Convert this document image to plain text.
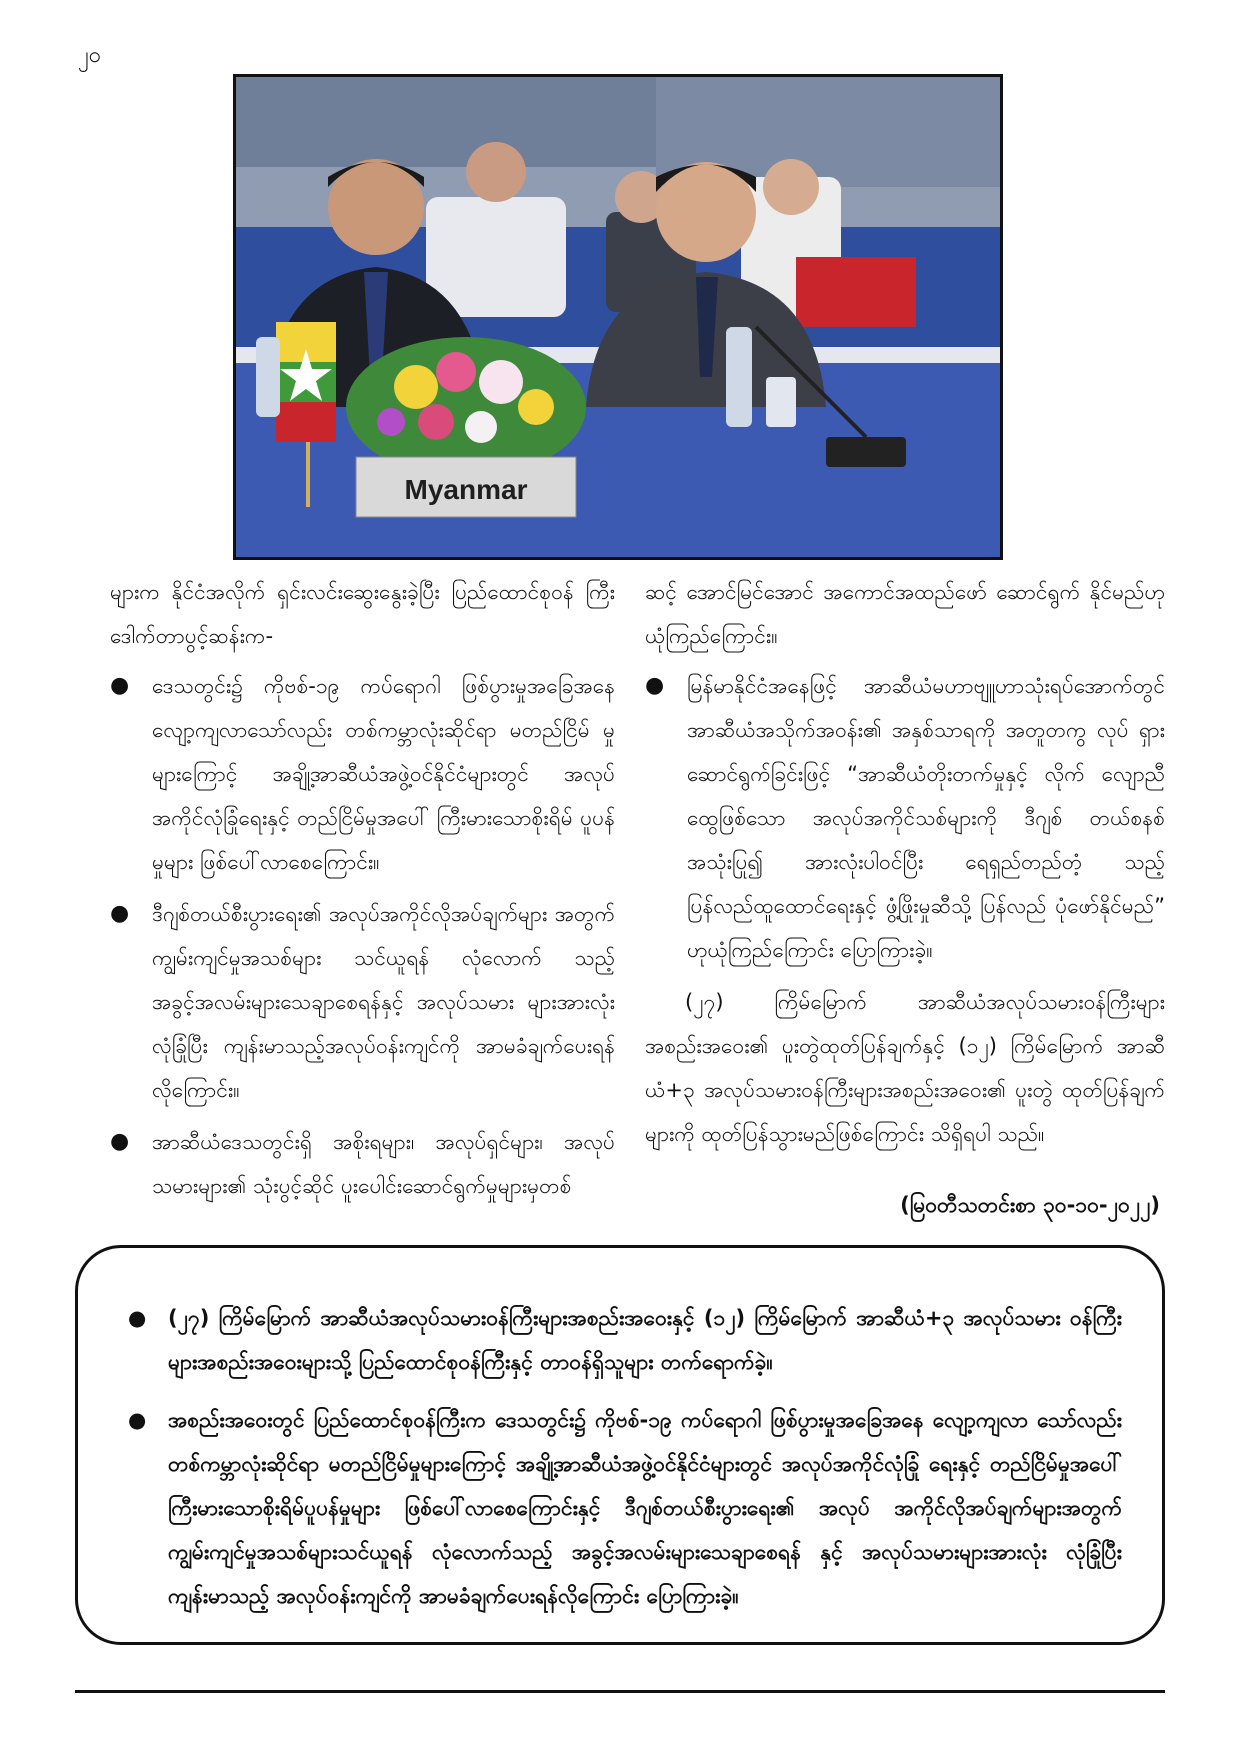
၂၀
Myanmar

များက နိုင်ငံအလိုက် ရှင်းလင်းဆွေးနွေးခဲ့ပြီး ပြည်ထောင်စုဝန် ကြီး ဒေါက်တာပွင့်ဆန်းက-

● ဒေသတွင်း၌ ကိုဗစ်-၁၉ ကပ်ရောဂါ ဖြစ်ပွားမှုအခြေအနေ လျော့ကျလာသော်လည်း တစ်ကမ္ဘာလုံးဆိုင်ရာ မတည်ငြိမ် မှုများကြောင့် အချို့အာဆီယံအဖွဲ့ဝင်နိုင်ငံများတွင် အလုပ် အကိုင်လုံခြုံရေးနှင့် တည်ငြိမ်မှုအပေါ် ကြီးမားသောစိုးရိမ် ပူပန်မှုများ ဖြစ်ပေါ်လာစေကြောင်း။
● ဒီဂျစ်တယ်စီးပွားရေး၏ အလုပ်အကိုင်လိုအပ်ချက်များ အတွက် ကျွမ်းကျင်မှုအသစ်များ သင်ယူရန် လုံလောက် သည့် အခွင့်အလမ်းများသေချာစေရန်နှင့် အလုပ်သမား များအားလုံး လုံခြုံပြီး ကျန်းမာသည့်အလုပ်ဝန်းကျင်ကို အာမခံချက်ပေးရန် လိုကြောင်း။
● အာဆီယံဒေသတွင်းရှိ အစိုးရများ၊ အလုပ်ရှင်များ၊ အလုပ် သမားများ၏ သုံးပွင့်ဆိုင် ပူးပေါင်းဆောင်ရွက်မှုများမှတစ်

ဆင့် အောင်မြင်အောင် အကောင်အထည်ဖော် ဆောင်ရွက် နိုင်မည်ဟု ယုံကြည်ကြောင်း။

● မြန်မာနိုင်ငံအနေဖြင့် အာဆီယံမဟာဗျူဟာသုံးရပ်အောက်တွင် အာဆီယံအသိုက်အဝန်း၏ အနှစ်သာရကို အတူတကွ လုပ် ရှားဆောင်ရွက်ခြင်းဖြင့် “အာဆီယံတိုးတက်မှုနှင့် လိုက် လျောညီထွေဖြစ်သော အလုပ်အကိုင်သစ်များကို ဒီဂျစ် တယ်စနစ်အသုံးပြု၍ အားလုံးပါဝင်ပြီး ရေရှည်တည်တံ့ သည့် ပြန်လည်ထူထောင်ရေးနှင့် ဖွံ့ဖြိုးမှုဆီသို့ ပြန်လည် ပုံဖော်နိုင်မည်” ဟုယုံကြည်ကြောင်း ပြောကြားခဲ့။

(၂၇) ကြိမ်မြောက် အာဆီယံအလုပ်သမားဝန်ကြီးများ အစည်းအဝေး၏ ပူးတွဲထုတ်ပြန်ချက်နှင့် (၁၂) ကြိမ်မြောက် အာဆီယံ+၃ အလုပ်သမားဝန်ကြီးများအစည်းအဝေး၏ ပူးတွဲ ထုတ်ပြန်ချက်များကို ထုတ်ပြန်သွားမည်ဖြစ်ကြောင်း သိရှိရပါ သည်။

(မြဝတီသတင်းစာ ၃၀-၁၀-၂၀၂၂)
● (၂၇) ကြိမ်မြောက် အာဆီယံအလုပ်သမားဝန်ကြီးများအစည်းအဝေးနှင့် (၁၂) ကြိမ်မြောက် အာဆီယံ+၃ အလုပ်သမား ဝန်ကြီးများအစည်းအဝေးများသို့ ပြည်ထောင်စုဝန်ကြီးနှင့် တာဝန်ရှိသူများ တက်ရောက်ခဲ့။
● အစည်းအဝေးတွင် ပြည်ထောင်စုဝန်ကြီးက ဒေသတွင်း၌ ကိုဗစ်-၁၉ ကပ်ရောဂါ ဖြစ်ပွားမှုအခြေအနေ လျော့ကျလာ သော်လည်း တစ်ကမ္ဘာလုံးဆိုင်ရာ မတည်ငြိမ်မှုများကြောင့် အချို့အာဆီယံအဖွဲ့ဝင်နိုင်ငံများတွင် အလုပ်အကိုင်လုံခြုံ ရေးနှင့် တည်ငြိမ်မှုအပေါ် ကြီးမားသောစိုးရိမ်ပူပန်မှုများ ဖြစ်ပေါ်လာစေကြောင်းနှင့် ဒီဂျစ်တယ်စီးပွားရေး၏ အလုပ် အကိုင်လိုအပ်ချက်များအတွက် ကျွမ်းကျင်မှုအသစ်များသင်ယူရန် လုံလောက်သည့် အခွင့်အလမ်းများသေချာစေရန် နှင့် အလုပ်သမားများအားလုံး လုံခြုံပြီး ကျန်းမာသည့် အလုပ်ဝန်းကျင်ကို အာမခံချက်ပေးရန်လိုကြောင်း ပြောကြားခဲ့။
